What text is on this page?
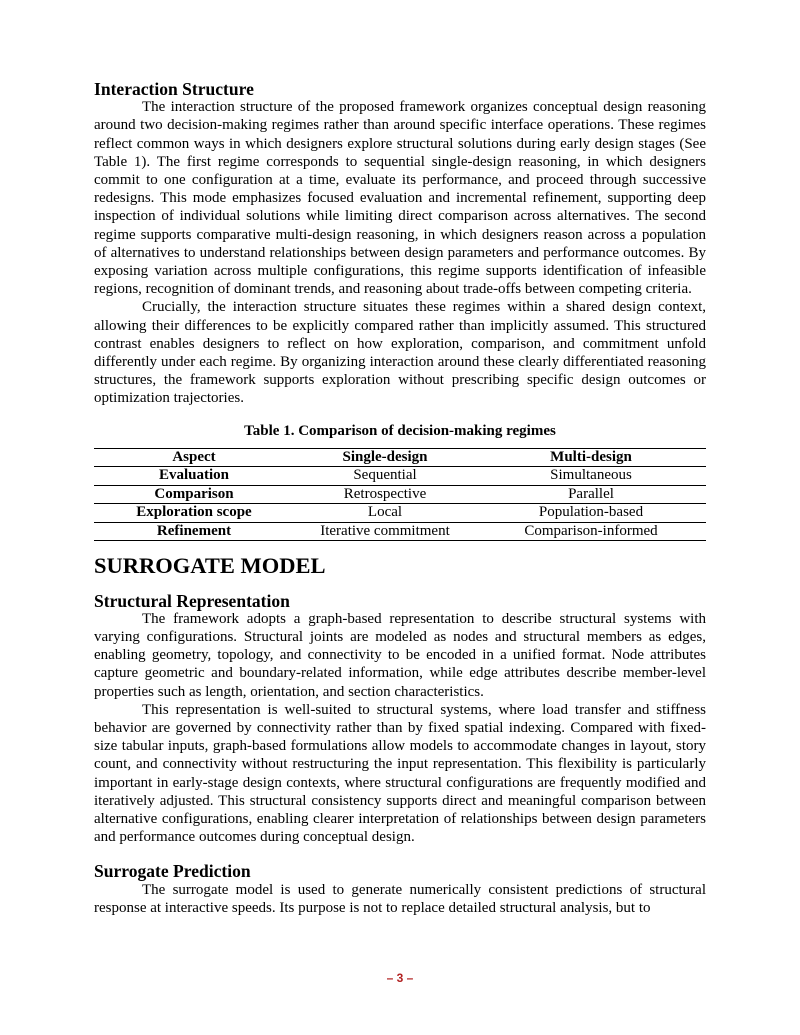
Interaction Structure

The interaction structure of the proposed framework organizes conceptual design reasoning around two decision-making regimes rather than around specific interface operations. These regimes reflect common ways in which designers explore structural solutions during early design stages (See Table 1). The first regime corresponds to sequential single-design reasoning, in which designers commit to one configuration at a time, evaluate its performance, and proceed through successive redesigns. This mode emphasizes focused evaluation and incremental refinement, supporting deep inspection of individual solutions while limiting direct comparison across alternatives. The second regime supports comparative multi-design reasoning, in which designers reason across a population of alternatives to understand relationships between design parameters and performance outcomes. By exposing variation across multiple configurations, this regime supports identification of infeasible regions, recognition of dominant trends, and reasoning about trade-offs between competing criteria.

Crucially, the interaction structure situates these regimes within a shared design context, allowing their differences to be explicitly compared rather than implicitly assumed. This structured contrast enables designers to reflect on how exploration, comparison, and commitment unfold differently under each regime. By organizing interaction around these clearly differentiated reasoning structures, the framework supports exploration without prescribing specific design outcomes or optimization trajectories.

Table 1. Comparison of decision-making regimes

Aspect	Single-design	Multi-design
Evaluation	Sequential	Simultaneous
Comparison	Retrospective	Parallel
Exploration scope	Local	Population-based
Refinement	Iterative commitment	Comparison-informed
SURROGATE MODEL
Structural Representation

The framework adopts a graph-based representation to describe structural systems with varying configurations. Structural joints are modeled as nodes and structural members as edges, enabling geometry, topology, and connectivity to be encoded in a unified format. Node attributes capture geometric and boundary-related information, while edge attributes describe member-level properties such as length, orientation, and section characteristics.

This representation is well-suited to structural systems, where load transfer and stiffness behavior are governed by connectivity rather than by fixed spatial indexing. Compared with fixed-size tabular inputs, graph-based formulations allow models to accommodate changes in layout, story count, and connectivity without restructuring the input representation. This flexibility is particularly important in early-stage design contexts, where structural configurations are frequently modified and iteratively adjusted. This structural consistency supports direct and meaningful comparison between alternative configurations, enabling clearer interpretation of relationships between design parameters and performance outcomes during conceptual design.

Surrogate Prediction

The surrogate model is used to generate numerically consistent predictions of structural response at interactive speeds. Its purpose is not to replace detailed structural analysis, but to

– 3 –
